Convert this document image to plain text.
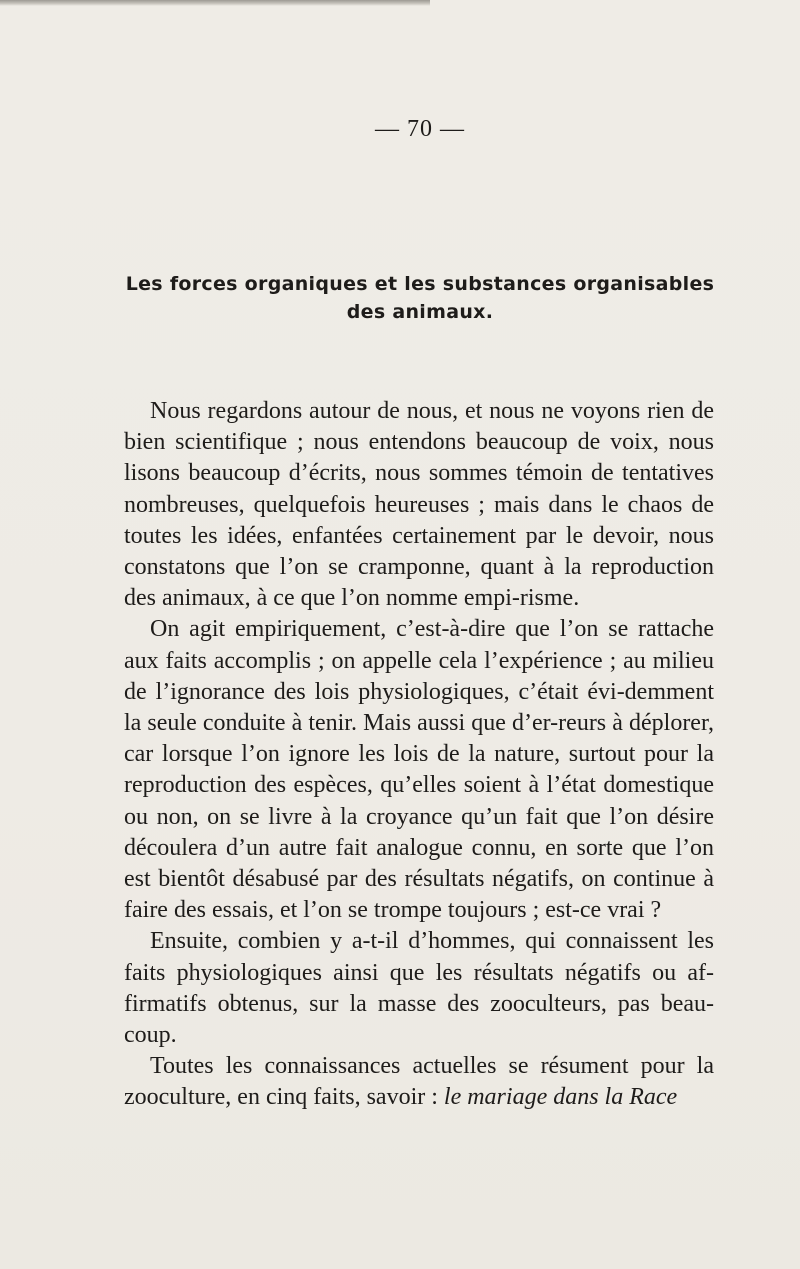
— 70 —
Les forces organiques et les substances organisables
des animaux.

Nous regardons autour de nous, et nous ne voyons rien de bien scientifique ; nous entendons beaucoup de voix, nous lisons beaucoup d’écrits, nous sommes témoin de tentatives nombreuses, quelquefois heureuses ; mais dans le chaos de toutes les idées, enfantées certainement par le devoir, nous constatons que l’on se cramponne, quant à la reproduction des animaux, à ce que l’on nomme empi-risme.

On agit empiriquement, c’est-à-dire que l’on se rattache aux faits accomplis ; on appelle cela l’expérience ; au milieu de l’ignorance des lois physiologiques, c’était évi-demment la seule conduite à tenir. Mais aussi que d’er-reurs à déplorer, car lorsque l’on ignore les lois de la nature, surtout pour la reproduction des espèces, qu’elles soient à l’état domestique ou non, on se livre à la croyance qu’un fait que l’on désire découlera d’un autre fait analogue connu, en sorte que l’on est bientôt désabusé par des résultats négatifs, on continue à faire des essais, et l’on se trompe toujours ; est-ce vrai ?

Ensuite, combien y a-t-il d’hommes, qui connaissent les faits physiologiques ainsi que les résultats négatifs ou af-firmatifs obtenus, sur la masse des zooculteurs, pas beau-coup.

Toutes les connaissances actuelles se résument pour la zooculture, en cinq faits, savoir : le mariage dans la Race
